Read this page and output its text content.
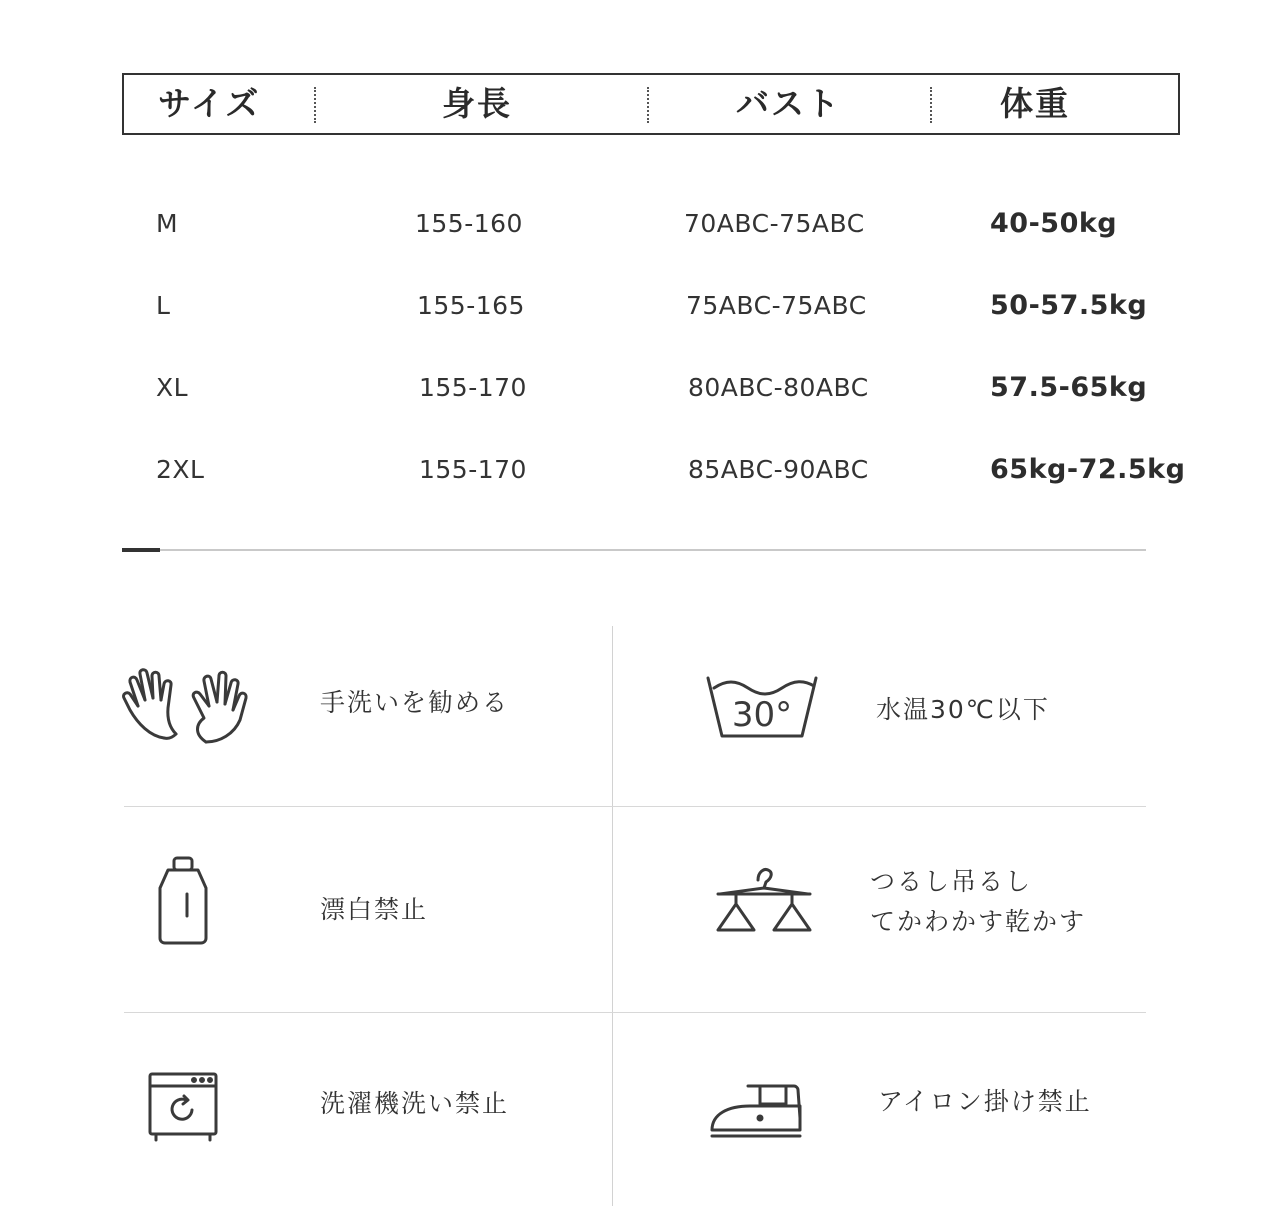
サイズ	身長	バスト	体重
M	155-160	70ABC-75ABC	40-50kg
L	155-165	75ABC-75ABC	50-57.5kg
XL	155-170	80ABC-80ABC	57.5-65kg
2XL	155-170	85ABC-90ABC	65kg-72.5kg
手洗いを勧める	30°	水温30℃以下
漂白禁止
つるし吊るし
てかわかす乾かす
洗濯機洗い禁止	アイロン掛け禁止
